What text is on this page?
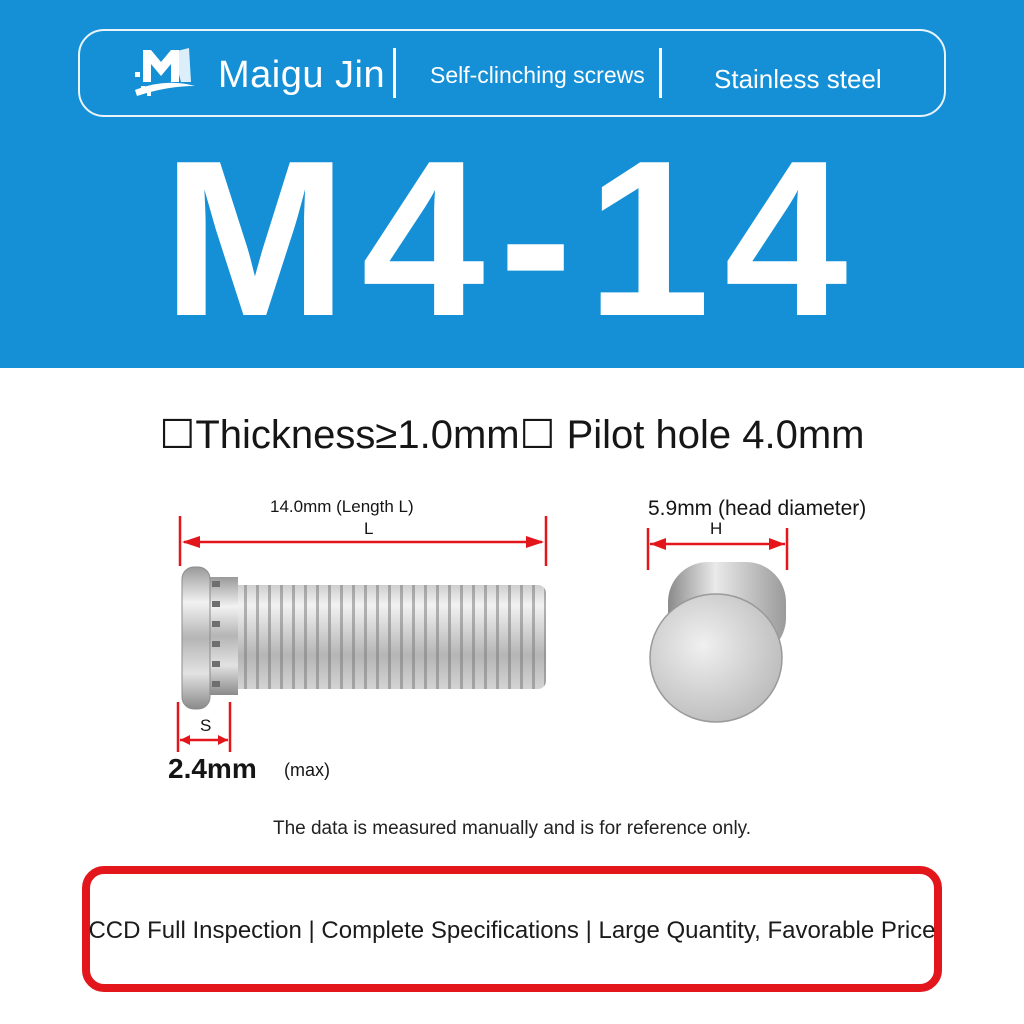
Maigu Jin Self-clinching screws	Stainless steel
M4-14
☐Thickness≥1.0mm☐ Pilot hole 4.0mm
14.0mm (Length L)
L
5.9mm (head diameter)
H
S
2.4mm (max)
The data is measured manually and is for reference only.
CCD Full Inspection | Complete Specifications | Large Quantity, Favorable Price
